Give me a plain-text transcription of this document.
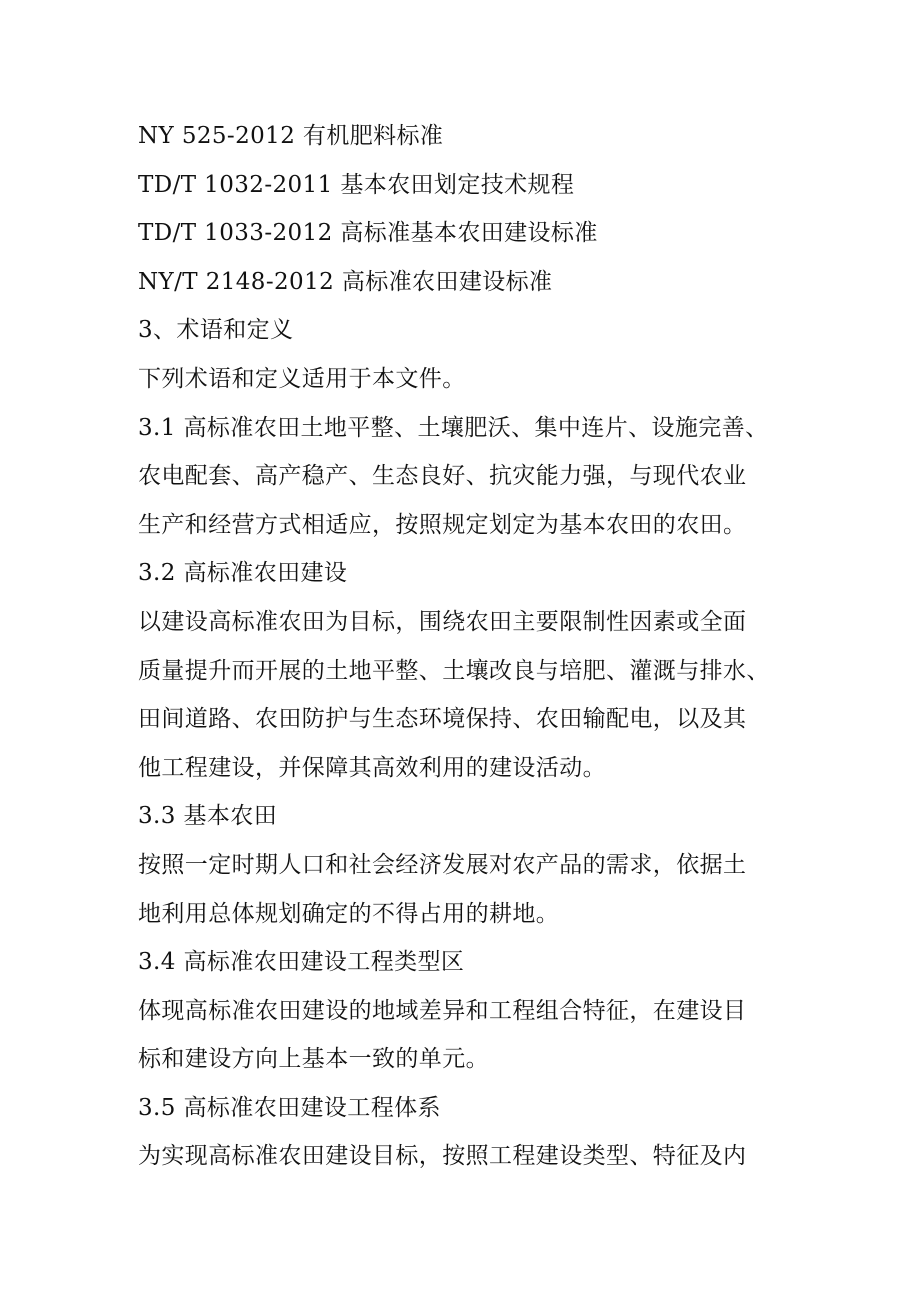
NY 525-2012 有机肥料标准
TD/T 1032-2011 基本农田划定技术规程
TD/T 1033-2012 高标准基本农田建设标准
NY/T 2148-2012 高标准农田建设标准
3、术语和定义
下列术语和定义适用于本文件。
3.1 高标准农田土地平整、土壤肥沃、集中连片、设施完善、
农电配套、高产稳产、生态良好、抗灾能力强，与现代农业
生产和经营方式相适应，按照规定划定为基本农田的农田。
3.2 高标准农田建设
以建设高标准农田为目标，围绕农田主要限制性因素或全面
质量提升而开展的土地平整、土壤改良与培肥、灌溉与排水、
田间道路、农田防护与生态环境保持、农田输配电，以及其
他工程建设，并保障其高效利用的建设活动。
3.3 基本农田
按照一定时期人口和社会经济发展对农产品的需求，依据土
地利用总体规划确定的不得占用的耕地。
3.4 高标准农田建设工程类型区
体现高标准农田建设的地域差异和工程组合特征，在建设目
标和建设方向上基本一致的单元。
3.5 高标准农田建设工程体系
为实现高标准农田建设目标，按照工程建设类型、特征及内
